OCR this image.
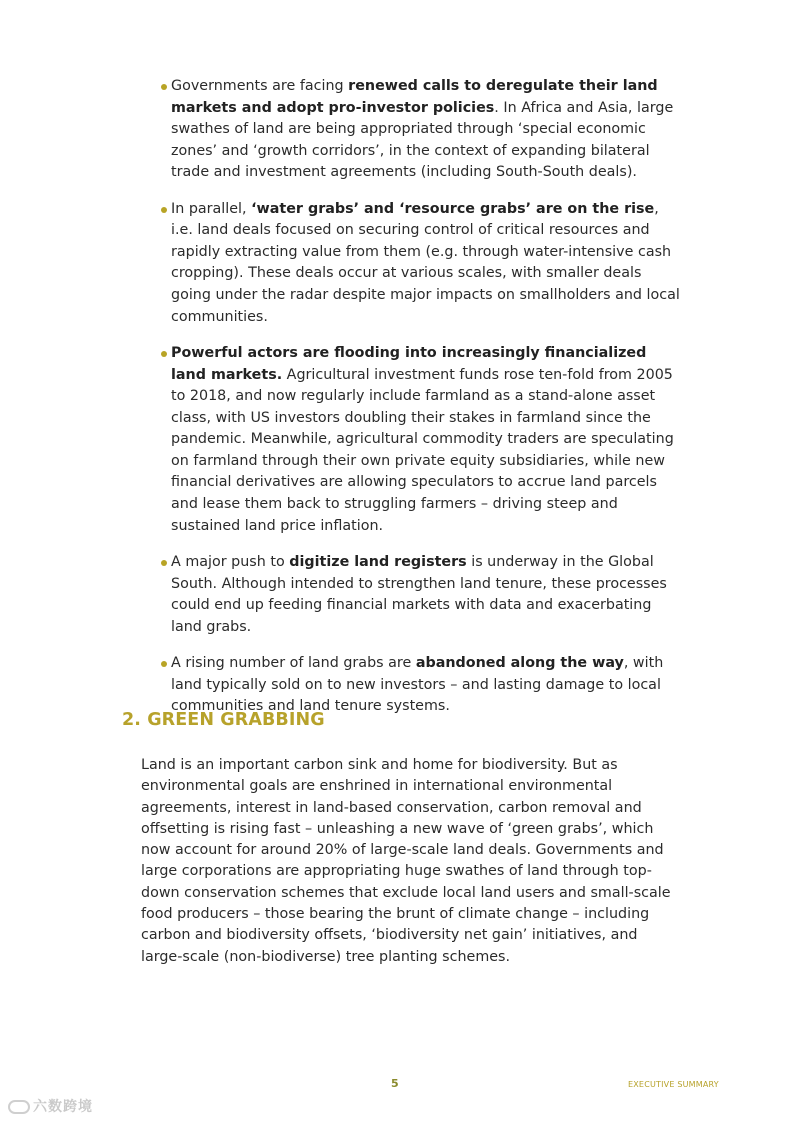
Governments are facing renewed calls to deregulate their land markets and adopt pro-investor policies. In Africa and Asia, large swathes of land are being appropriated through ‘special economic zones’ and ‘growth corridors’, in the context of expanding bilateral trade and investment agreements (including South-South deals).
In parallel, ‘water grabs’ and ‘resource grabs’ are on the rise, i.e. land deals focused on securing control of critical resources and rapidly extracting value from them (e.g. through water-intensive cash cropping). These deals occur at various scales, with smaller deals going under the radar despite major impacts on smallholders and local communities.
Powerful actors are flooding into increasingly financialized land markets. Agricultural investment funds rose ten-fold from 2005 to 2018, and now regularly include farmland as a stand-alone asset class, with US investors doubling their stakes in farmland since the pandemic. Meanwhile, agricultural commodity traders are speculating on farmland through their own private equity subsidiaries, while new financial derivatives are allowing speculators to accrue land parcels and lease them back to struggling farmers – driving steep and sustained land price inflation.
A major push to digitize land registers is underway in the Global South. Although intended to strengthen land tenure, these processes could end up feeding financial markets with data and exacerbating land grabs.
A rising number of land grabs are abandoned along the way, with land typically sold on to new investors – and lasting damage to local communities and land tenure systems.
2. GREEN GRABBING

Land is an important carbon sink and home for biodiversity. But as environmental goals are enshrined in international environmental agreements, interest in land-based conservation, carbon removal and offsetting is rising fast – unleashing a new wave of ‘green grabs’, which now account for around 20% of large-scale land deals. Governments and large corporations are appropriating huge swathes of land through top-down conservation schemes that exclude local land users and small-scale food producers – those bearing the brunt of climate change – including carbon and biodiversity offsets, ‘biodiversity net gain’ initiatives, and large-scale (non-biodiverse) tree planting schemes.

5	EXECUTIVE SUMMARY
六数跨境
